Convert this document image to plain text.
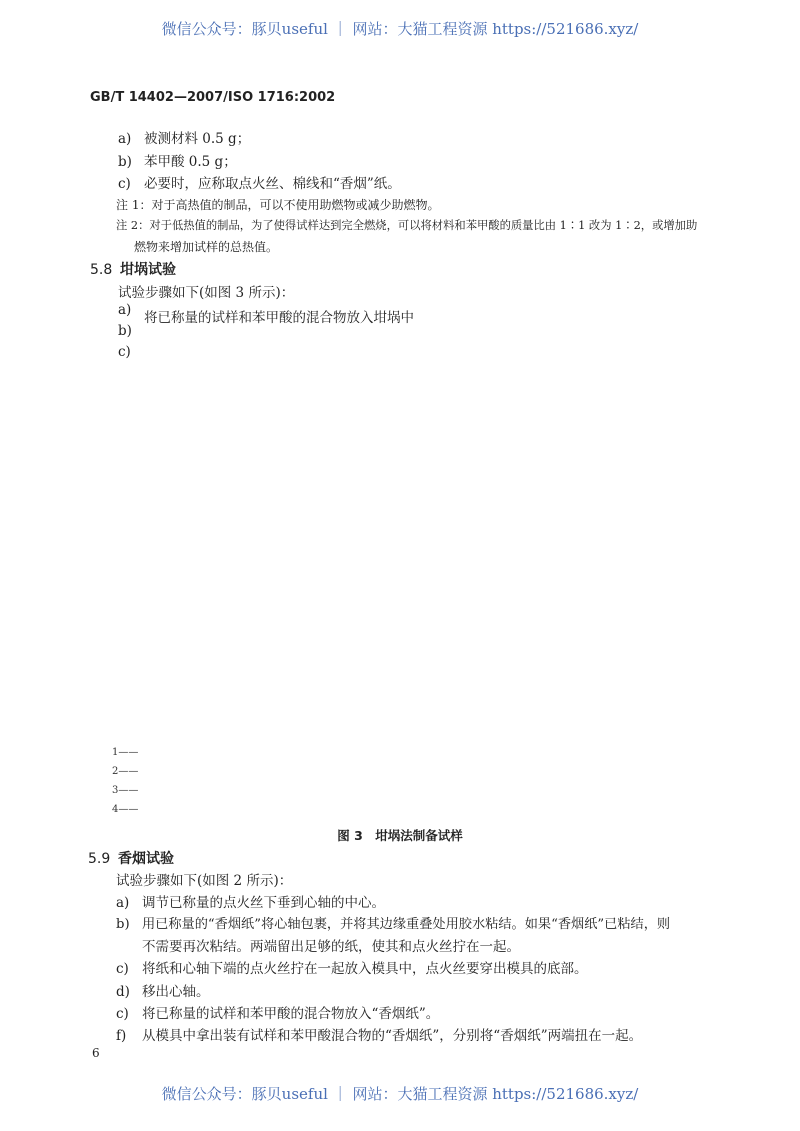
微信公众号：豚贝useful ｜ 网站：大猫工程资源 https://521686.xyz/
GB/T 14402—2007/ISO 1716:2002
a) 被测材料 0.5 g；
b) 苯甲酸 0.5 g；
c) 必要时，应称取点火丝、棉线和“香烟”纸。
注 1：对于高热值的制品，可以不使用助燃物或减少助燃物。
注 2：对于低热值的制品，为了使得试样达到完全燃烧，可以将材料和苯甲酸的质量比由 1∶1 改为 1∶2，或增加助
燃物来增加试样的总热值。
5.8 坩埚试验
试验步骤如下(如图 3 所示)：
a) 将已称量的试样和苯甲酸的混合物放入坩埚中
b)
c)
1——
2——
3——
4——
图 3　坩埚法制备试样
5.9 香烟试验
试验步骤如下(如图 2 所示)：
a) 调节已称量的点火丝下垂到心轴的中心。
b) 用已称量的“香烟纸”将心轴包裹，并将其边缘重叠处用胶水粘结。如果“香烟纸”已粘结，则
不需要再次粘结。两端留出足够的纸，使其和点火丝拧在一起。
c) 将纸和心轴下端的点火丝拧在一起放入模具中，点火丝要穿出模具的底部。
d) 移出心轴。
c) 将已称量的试样和苯甲酸的混合物放入“香烟纸”。
f) 从模具中拿出装有试样和苯甲酸混合物的“香烟纸”，分别将“香烟纸”两端扭在一起。
6
微信公众号：豚贝useful ｜ 网站：大猫工程资源 https://521686.xyz/
